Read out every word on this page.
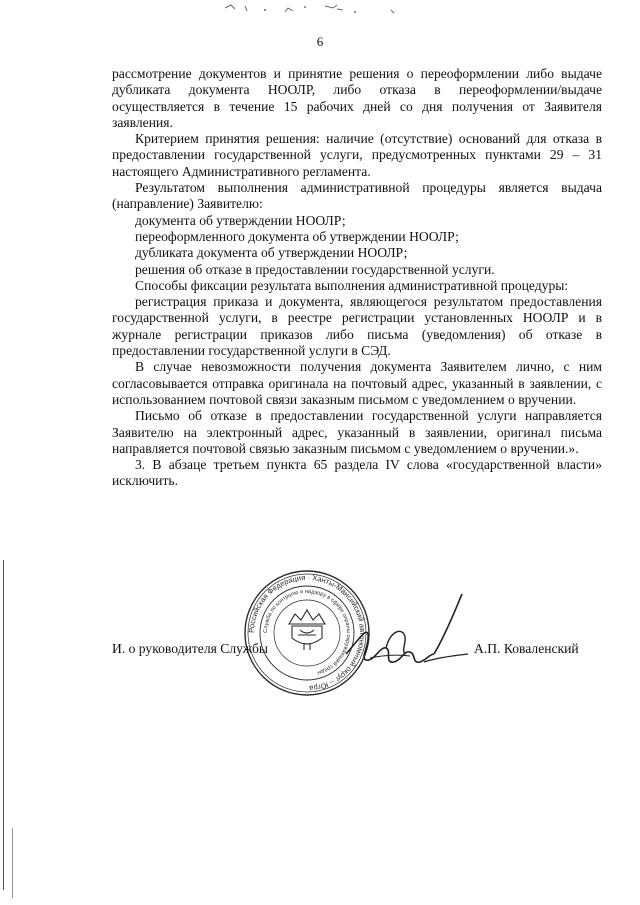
6

рассмотрение документов и принятие решения о переоформлении либо выдаче дубликата документа НООЛР, либо отказа в переоформлении/выдаче осуществляется в течение 15 рабочих дней со дня получения от Заявителя заявления.

Критерием принятия решения: наличие (отсутствие) оснований для отказа в предоставлении государственной услуги, предусмотренных пунктами 29 – 31 настоящего Административного регламента.

Результатом выполнения административной процедуры является выдача (направление) Заявителю:

документа об утверждении НООЛР;

переоформленного документа об утверждении НООЛР;

дубликата документа об утверждении НООЛР;

решения об отказе в предоставлении государственной услуги.

Способы фиксации результата выполнения административной процедуры:

регистрация приказа и документа, являющегося результатом предоставления государственной услуги, в реестре регистрации установленных НООЛР и в журнале регистрации приказов либо письма (уведомления) об отказе в предоставлении государственной услуги в СЭД.

В случае невозможности получения документа Заявителем лично, с ним согласовывается отправка оригинала на почтовый адрес, указанный в заявлении, с использованием почтовой связи заказным письмом с уведомлением о вручении.

Письмо об отказе в предоставлении государственной услуги направляется Заявителю на электронный адрес, указанный в заявлении, оригинал письма направляется почтовой связью заказным письмом с уведомлением о вручении.».

3. В абзаце третьем пункта 65 раздела IV слова «государственной власти» исключить.

Российская Федерация · Ханты-Мансийский автономный округ – Югра
Служба по контролю и надзору в сфере охраны окружающей среды
И. о руководителя Службы	А.П. Коваленский
